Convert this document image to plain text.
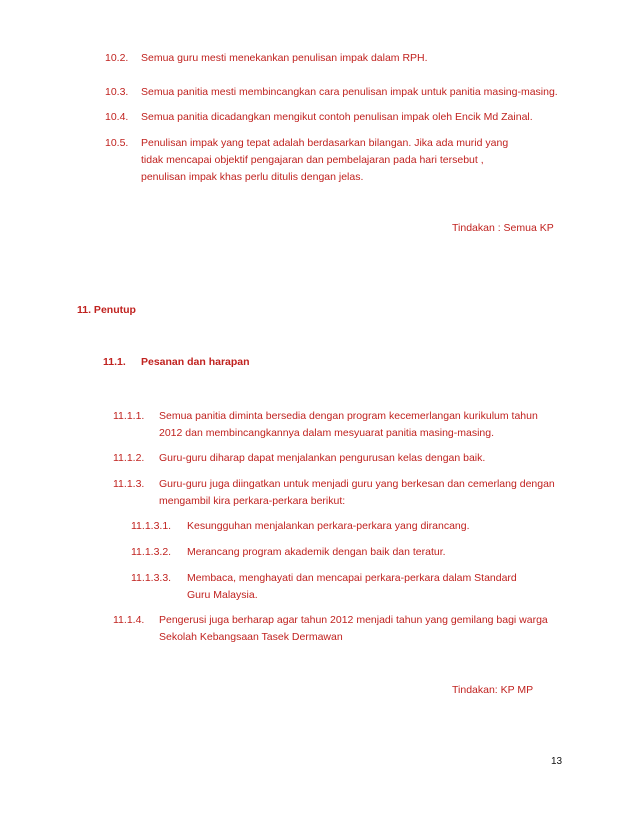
10.2. Semua guru mesti menekankan penulisan impak dalam RPH.
10.3. Semua panitia mesti membincangkan cara penulisan impak untuk panitia masing-masing.
10.4. Semua panitia dicadangkan mengikut contoh penulisan impak oleh Encik Md Zainal.
10.5. Penulisan impak yang tepat adalah berdasarkan bilangan. Jika ada murid yang tidak mencapai objektif pengajaran dan pembelajaran pada hari tersebut , penulisan impak khas perlu ditulis dengan jelas.
Tindakan : Semua KP
11. Penutup
11.1. Pesanan dan harapan
11.1.1. Semua panitia diminta bersedia dengan program kecemerlangan kurikulum tahun 2012 dan membincangkannya dalam mesyuarat panitia masing-masing.
11.1.2. Guru-guru diharap dapat menjalankan pengurusan kelas dengan baik.
11.1.3. Guru-guru juga diingatkan untuk menjadi guru yang berkesan dan cemerlang dengan mengambil kira perkara-perkara berikut:
11.1.3.1. Kesungguhan menjalankan perkara-perkara yang dirancang.
11.1.3.2. Merancang program akademik dengan baik dan teratur.
11.1.3.3. Membaca, menghayati dan mencapai perkara-perkara dalam Standard Guru Malaysia.
11.1.4. Pengerusi juga berharap agar tahun 2012 menjadi tahun yang gemilang bagi warga Sekolah Kebangsaan Tasek Dermawan
Tindakan: KP MP
13
